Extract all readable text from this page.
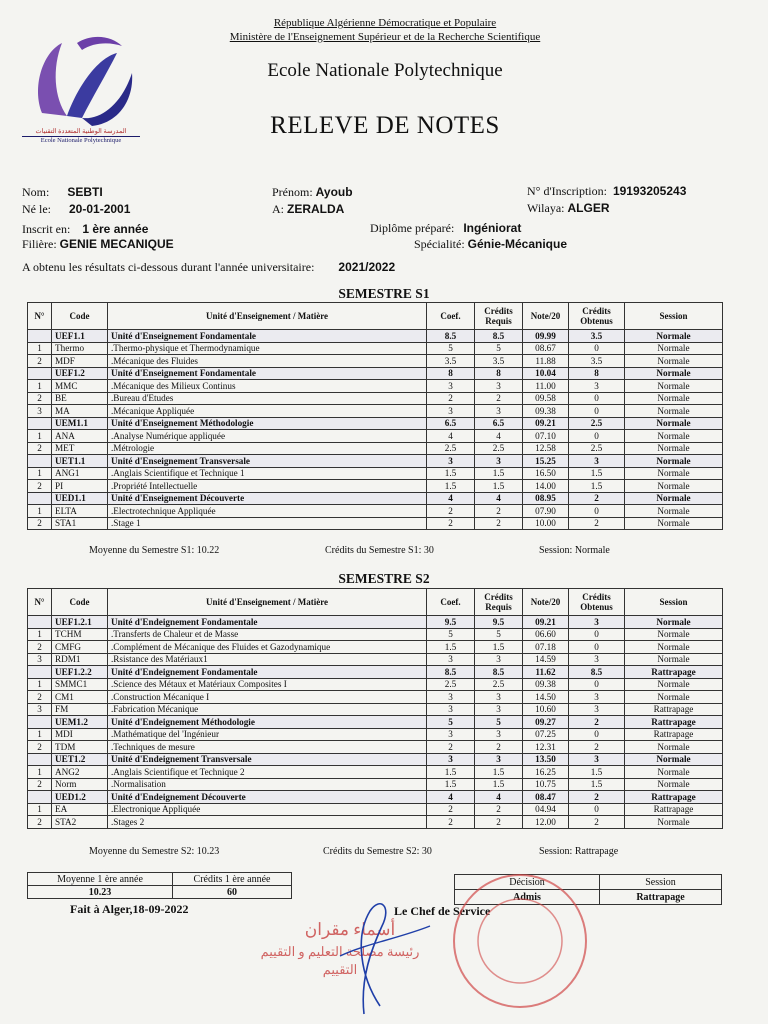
République Algérienne Démocratique et Populaire
Ministère de l'Enseignement Supérieur et de la Recherche Scientifique
Ecole Nationale Polytechnique
RELEVE DE NOTES
المدرسة الوطنية المتعددة التقنيات
Ecole Nationale Polytechnique
Nom: SEBTI	Prénom: Ayoub	N° d'Inscription: 19193205243
Né le: 20-01-2001	A: ZERALDA	Wilaya: ALGER
Inscrit en: 1 ère année	Diplôme préparé: Ingéniorat
Filière: GENIE MECANIQUE	Spécialité: Génie-Mécanique
A obtenu les résultats ci-dessous durant l'année universitaire: 2021/2022
SEMESTRE S1
N°	Code	Unité d'Enseignement / Matière	Coef.	Crédits Requis	Note/20	Crédits Obtenus	Session
	UEF1.1	Unité d'Enseignement Fondamentale	8.5	8.5	09.99	3.5	Normale
1	Thermo	.Thermo-physique et Thermodynamique	5	5	08.67	0	Normale
2	MDF	.Mécanique des Fluides	3.5	3.5	11.88	3.5	Normale
	UEF1.2	Unité d'Enseignement Fondamentale	8	8	10.04	8	Normale
1	MMC	.Mécanique des Milieux Continus	3	3	11.00	3	Normale
2	BE	.Bureau d'Etudes	2	2	09.58	0	Normale
3	MA	.Mécanique Appliquée	3	3	09.38	0	Normale
	UEM1.1	Unité d'Enseignement Méthodologie	6.5	6.5	09.21	2.5	Normale
1	ANA	.Analyse Numérique appliquée	4	4	07.10	0	Normale
2	MET	.Métrologie	2.5	2.5	12.58	2.5	Normale
	UET1.1	Unité d'Enseignement Transversale	3	3	15.25	3	Normale
1	ANG1	.Anglais Scientifique et Technique 1	1.5	1.5	16.50	1.5	Normale
2	PI	.Propriété Intellectuelle	1.5	1.5	14.00	1.5	Normale
	UED1.1	Unité d'Enseignement Découverte	4	4	08.95	2	Normale
1	ELTA	.Electrotechnique Appliquée	2	2	07.90	0	Normale
2	STA1	.Stage 1	2	2	10.00	2	Normale
Moyenne du Semestre S1: 10.22	Crédits du Semestre S1: 30	Session: Normale
SEMESTRE S2
N°	Code	Unité d'Enseignement / Matière	Coef.	Crédits Requis	Note/20	Crédits Obtenus	Session
	UEF1.2.1	Unité d'Endeignement Fondamentale	9.5	9.5	09.21	3	Normale
1	TCHM	.Transferts de Chaleur et de Masse	5	5	06.60	0	Normale
2	CMFG	.Complément de Mécanique des Fluides et Gazodynamique	1.5	1.5	07.18	0	Normale
3	RDM1	.Rsistance des Matériaux1	3	3	14.59	3	Normale
	UEF1.2.2	Unité d'Endeignement Fondamentale	8.5	8.5	11.62	8.5	Rattrapage
1	SMMC1	.Science des Métaux et Matériaux Composites I	2.5	2.5	09.38	0	Normale
2	CM1	.Construction Mécanique I	3	3	14.50	3	Normale
3	FM	.Fabrication Mécanique	3	3	10.60	3	Rattrapage
	UEM1.2	Unité d'Endeignement Méthodologie	5	5	09.27	2	Rattrapage
1	MDI	.Mathématique del 'Ingénieur	3	3	07.25	0	Rattrapage
2	TDM	.Techniques de mesure	2	2	12.31	2	Normale
	UET1.2	Unité d'Endeignement Transversale	3	3	13.50	3	Normale
1	ANG2	.Anglais Scientifique et Technique 2	1.5	1.5	16.25	1.5	Normale
2	Norm	.Normalisation	1.5	1.5	10.75	1.5	Normale
	UED1.2	Unité d'Endeignement Découverte	4	4	08.47	2	Rattrapage
1	EA	.Electronique Appliquée	2	2	04.94	0	Rattrapage
2	STA2	.Stages 2	2	2	12.00	2	Normale
Moyenne du Semestre S2: 10.23	Crédits du Semestre S2: 30	Session: Rattrapage
Moyenne 1 ère année	Crédits 1 ère année
10.23	60
Décision	Session
Admis	Rattrapage
Fait à Alger,18-09-2022	Le Chef de Service
أسماء مقران
رئيسة مصلحة التعليم و التقييم
التقييم
